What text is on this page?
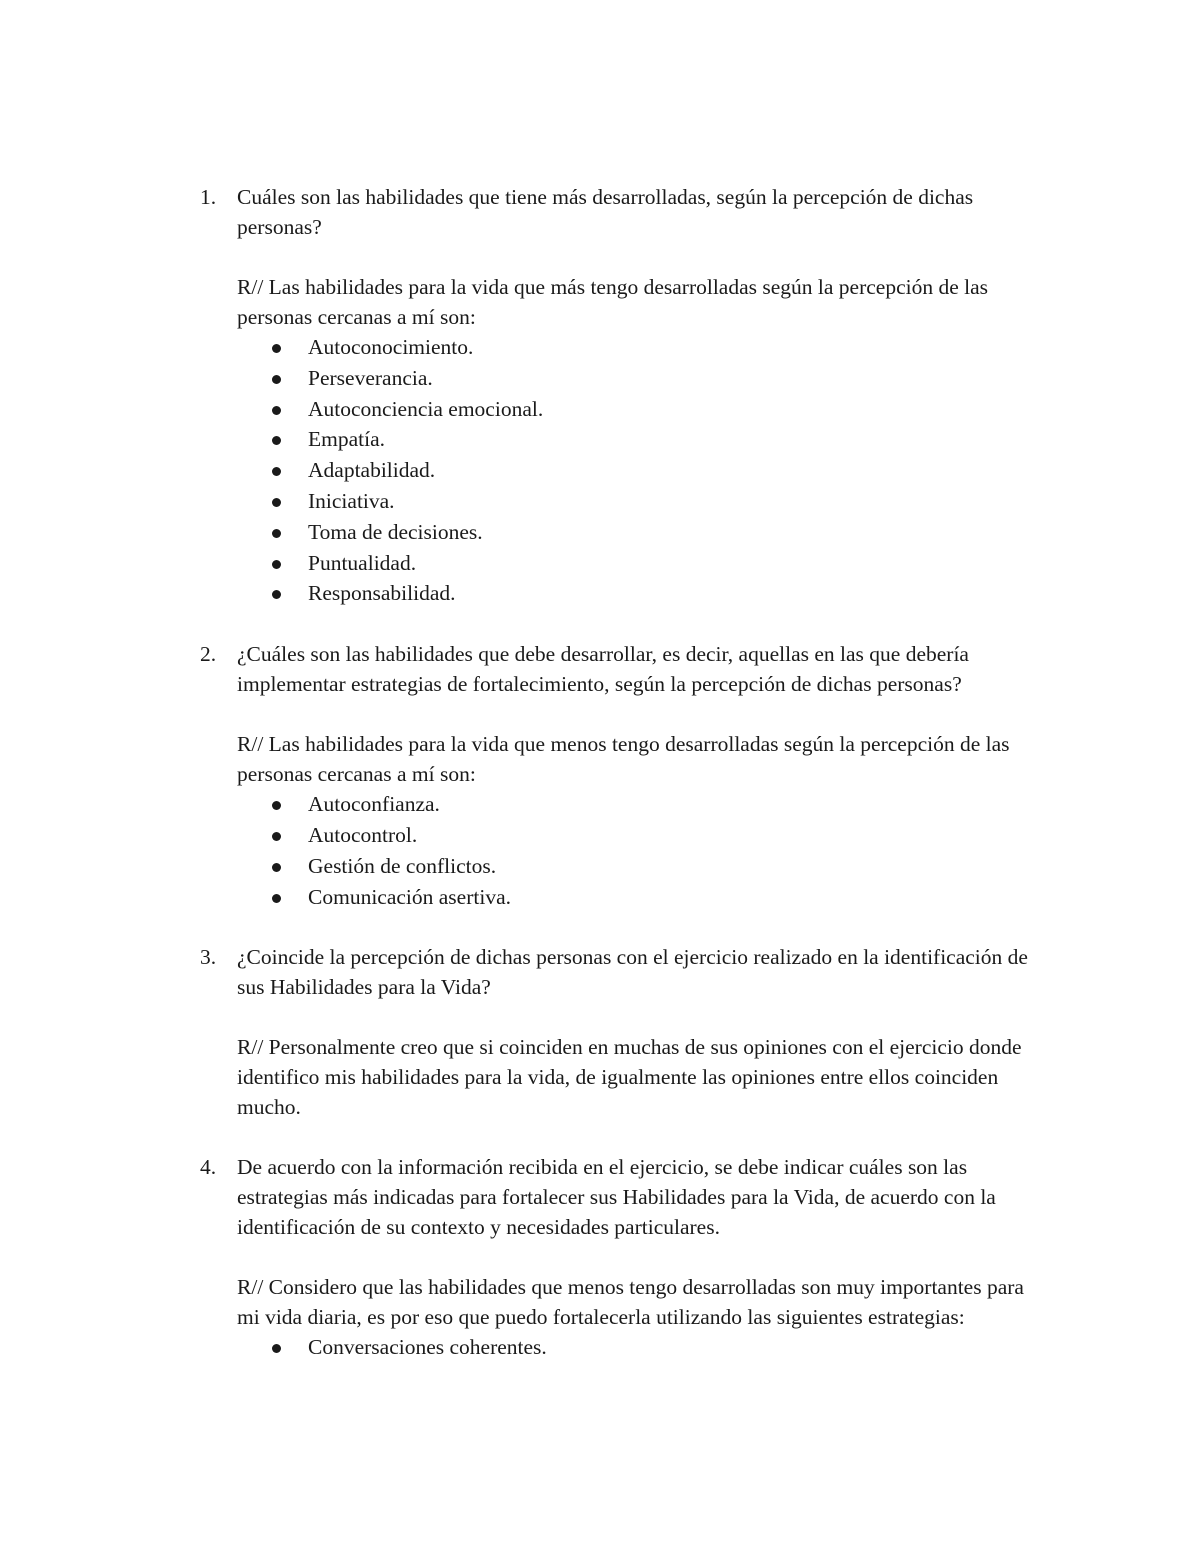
1. Cuáles son las habilidades que tiene más desarrolladas, según la percepción de dichas personas?
R// Las habilidades para la vida que más tengo desarrolladas según la percepción de las personas cercanas a mí son:
Autoconocimiento.
Perseverancia.
Autoconciencia emocional.
Empatía.
Adaptabilidad.
Iniciativa.
Toma de decisiones.
Puntualidad.
Responsabilidad.
2. ¿Cuáles son las habilidades que debe desarrollar, es decir, aquellas en las que debería implementar estrategias de fortalecimiento, según la percepción de dichas personas?
R// Las habilidades para la vida que menos tengo desarrolladas según la percepción de las personas cercanas a mí son:
Autoconfianza.
Autocontrol.
Gestión de conflictos.
Comunicación asertiva.
3. ¿Coincide la percepción de dichas personas con el ejercicio realizado en la identificación de sus Habilidades para la Vida?
R// Personalmente creo que si coinciden en muchas de sus opiniones con el ejercicio donde identifico mis habilidades para la vida, de igualmente las opiniones entre ellos coinciden mucho.
4. De acuerdo con la información recibida en el ejercicio, se debe indicar cuáles son las estrategias más indicadas para fortalecer sus Habilidades para la Vida, de acuerdo con la identificación de su contexto y necesidades particulares.
R// Considero que las habilidades que menos tengo desarrolladas son muy importantes para mi vida diaria, es por eso que puedo fortalecerla utilizando las siguientes estrategias:
Conversaciones coherentes.
